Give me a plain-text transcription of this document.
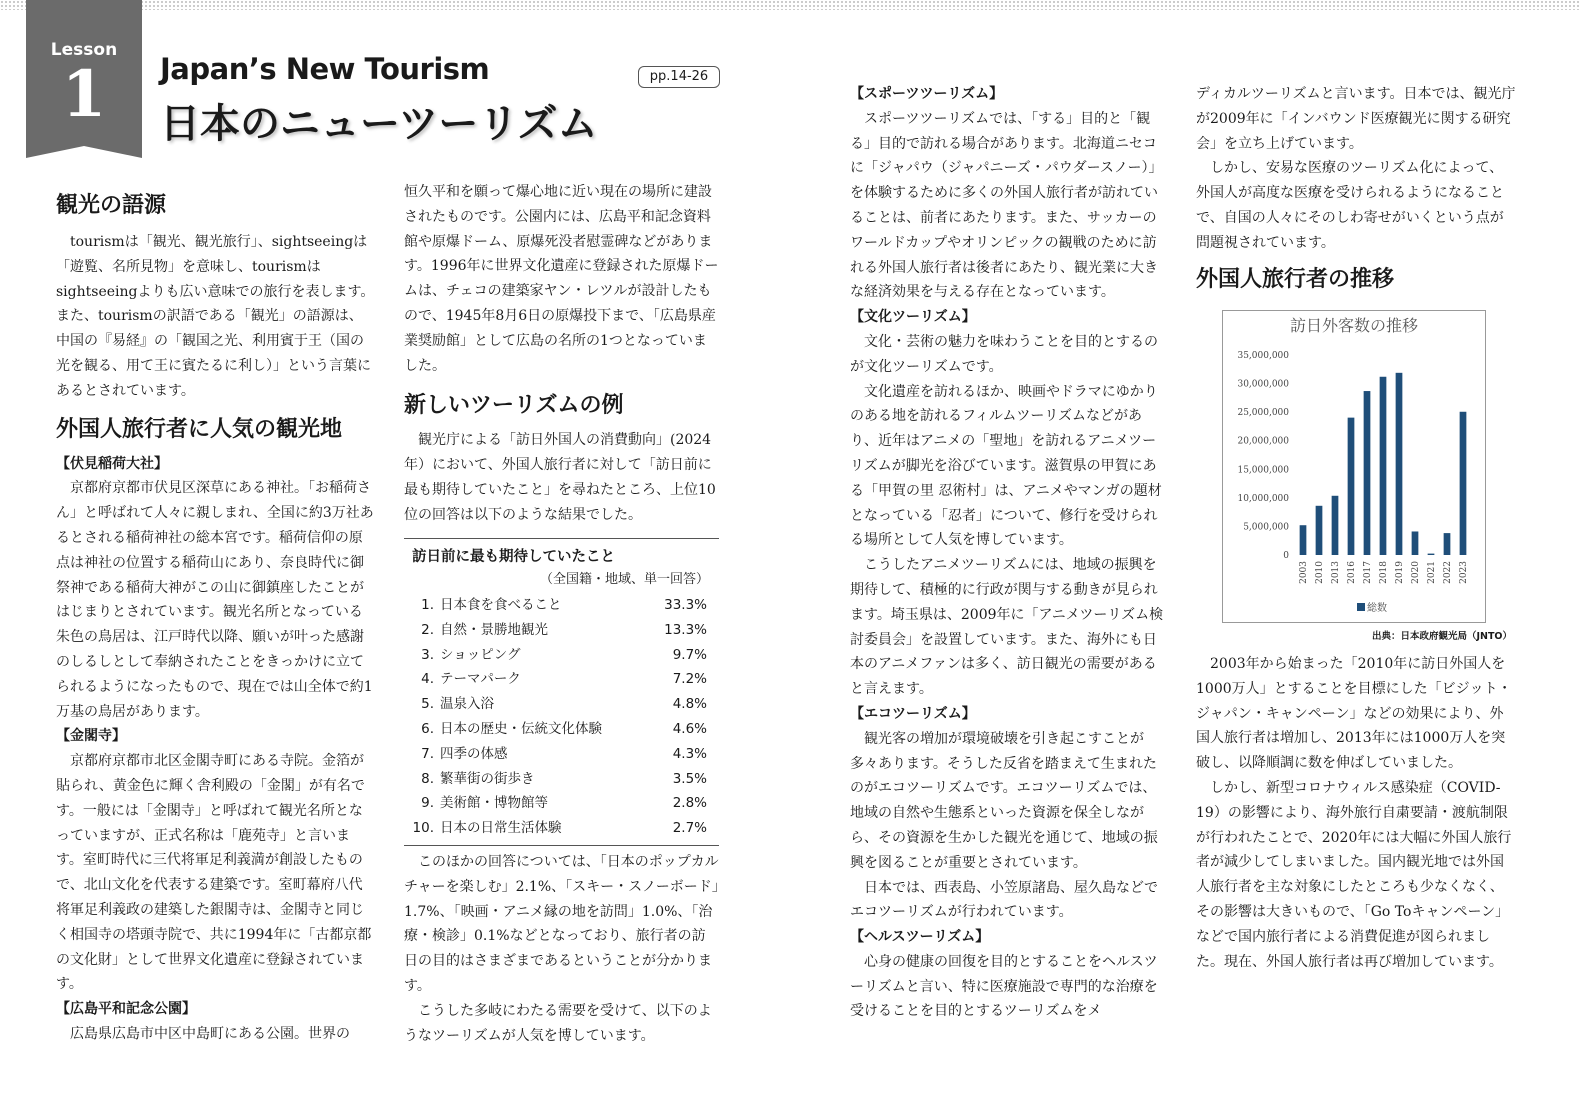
Lesson
1	Japan’s New Tourism
日本のニューツーリズム
pp.14-26
観光の語源

tourismは「観光、観光旅行」、sightseeingは「遊覧、名所見物」を意味し、tourismはsightseeingよりも広い意味での旅行を表します。また、tourismの訳語である「観光」の語源は、中国の『易経』の「観国之光、利用賓于王（国の光を観る、用て王に賓たるに利し）」という言葉にあるとされています。

外国人旅行者に人気の観光地
【伏見稲荷大社】

京都府京都市伏見区深草にある神社。「お稲荷さん」と呼ばれて人々に親しまれ、全国に約3万社あるとされる稲荷神社の総本宮です。稲荷信仰の原点は神社の位置する稲荷山にあり、奈良時代に御祭神である稲荷大神がこの山に御鎮座したことがはじまりとされています。観光名所となっている朱色の鳥居は、江戸時代以降、願いが叶った感謝のしるしとして奉納されたことをきっかけに立てられるようになったもので、現在では山全体で約1万基の鳥居があります。

【金閣寺】

京都府京都市北区金閣寺町にある寺院。金箔が貼られ、黄金色に輝く舎利殿の「金閣」が有名です。一般には「金閣寺」と呼ばれて観光名所となっていますが、正式名称は「鹿苑寺」と言います。室町時代に三代将軍足利義満が創設したもので、北山文化を代表する建築です。室町幕府八代将軍足利義政の建築した銀閣寺は、金閣寺と同じく相国寺の塔頭寺院で、共に1994年に「古都京都の文化財」として世界文化遺産に登録されています。

【広島平和記念公園】

広島県広島市中区中島町にある公園。世界の

恒久平和を願って爆心地に近い現在の場所に建設されたものです。公園内には、広島平和記念資料館や原爆ドーム、原爆死没者慰霊碑などがあります。1996年に世界文化遺産に登録された原爆ドームは、チェコの建築家ヤン・レツルが設計したもので、1945年8月6日の原爆投下まで、「広島県産業奨励館」として広島の名所の1つとなっていました。

新しいツーリズムの例

観光庁による「訪日外国人の消費動向」(2024年）において、外国人旅行者に対して「訪日前に最も期待していたこと」を尋ねたところ、上位10位の回答は以下のような結果でした。

訪日前に最も期待していたこと
（全国籍・地域、単一回答）
1. 日本食を食べること	33.3%
2. 自然・景勝地観光	13.3%
3. ショッピング	9.7%
4. テーマパーク	7.2%
5. 温泉入浴	4.8%
6. 日本の歴史・伝統文化体験	4.6%
7. 四季の体感	4.3%
8. 繁華街の街歩き	3.5%
9. 美術館・博物館等	2.8%
10. 日本の日常生活体験	2.7%

このほかの回答については、「日本のポップカルチャーを楽しむ」2.1%、「スキー・スノーボード」1.7%、「映画・アニメ縁の地を訪問」1.0%、「治療・検診」0.1%などとなっており、旅行者の訪日の目的はさまざまであるということが分かります。

こうした多岐にわたる需要を受けて、以下のようなツーリズムが人気を博しています。

【スポーツツーリズム】

スポーツツーリズムでは、「する」目的と「観る」目的で訪れる場合があります。北海道ニセコに「ジャパウ（ジャパニーズ・パウダースノー）」を体験するために多くの外国人旅行者が訪れていることは、前者にあたります。また、サッカーのワールドカップやオリンピックの観戦のために訪れる外国人旅行者は後者にあたり、観光業に大きな経済効果を与える存在となっています。

【文化ツーリズム】

文化・芸術の魅力を味わうことを目的とするのが文化ツーリズムです。

文化遺産を訪れるほか、映画やドラマにゆかりのある地を訪れるフィルムツーリズムなどがあり、近年はアニメの「聖地」を訪れるアニメツーリズムが脚光を浴びています。滋賀県の甲賀にある「甲賀の里 忍術村」は、アニメやマンガの題材となっている「忍者」について、修行を受けられる場所として人気を博しています。

こうしたアニメツーリズムには、地域の振興を期待して、積極的に行政が関与する動きが見られます。埼玉県は、2009年に「アニメツーリズム検討委員会」を設置しています。また、海外にも日本のアニメファンは多く、訪日観光の需要があると言えます。

【エコツーリズム】

観光客の増加が環境破壊を引き起こすことが多々あります。そうした反省を踏まえて生まれたのがエコツーリズムです。エコツーリズムでは、地域の自然や生態系といった資源を保全しながら、その資源を生かした観光を通じて、地域の振興を図ることが重要とされています。

日本では、西表島、小笠原諸島、屋久島などでエコツーリズムが行われています。

【ヘルスツーリズム】

心身の健康の回復を目的とすることをヘルスツーリズムと言い、特に医療施設で専門的な治療を受けることを目的とするツーリズムをメ

ディカルツーリズムと言います。日本では、観光庁が2009年に「インバウンド医療観光に関する研究会」を立ち上げています。

しかし、安易な医療のツーリズム化によって、外国人が高度な医療を受けられるようになることで、自国の人々にそのしわ寄せがいくという点が問題視されています。

外国人旅行者の推移
訪日外客数の推移
0
5,000,000
10,000,000
15,000,000
20,000,000
25,000,000
30,000,000
35,000,000
2003 2010 2013 2016 2017 2018 2019 2020 2021 2022 2023
総数
出典：日本政府観光局（JNTO）

2003年から始まった「2010年に訪日外国人を1000万人」とすることを目標にした「ビジット・ジャパン・キャンペーン」などの効果により、外国人旅行者は増加し、2013年には1000万人を突破し、以降順調に数を伸ばしていました。

しかし、新型コロナウィルス感染症（COVID-19）の影響により、海外旅行自粛要請・渡航制限が行われたことで、2020年には大幅に外国人旅行者が減少してしまいました。国内観光地では外国人旅行者を主な対象にしたところも少なくなく、その影響は大きいもので、「Go Toキャンペーン」などで国内旅行者による消費促進が図られました。現在、外国人旅行者は再び増加しています。
